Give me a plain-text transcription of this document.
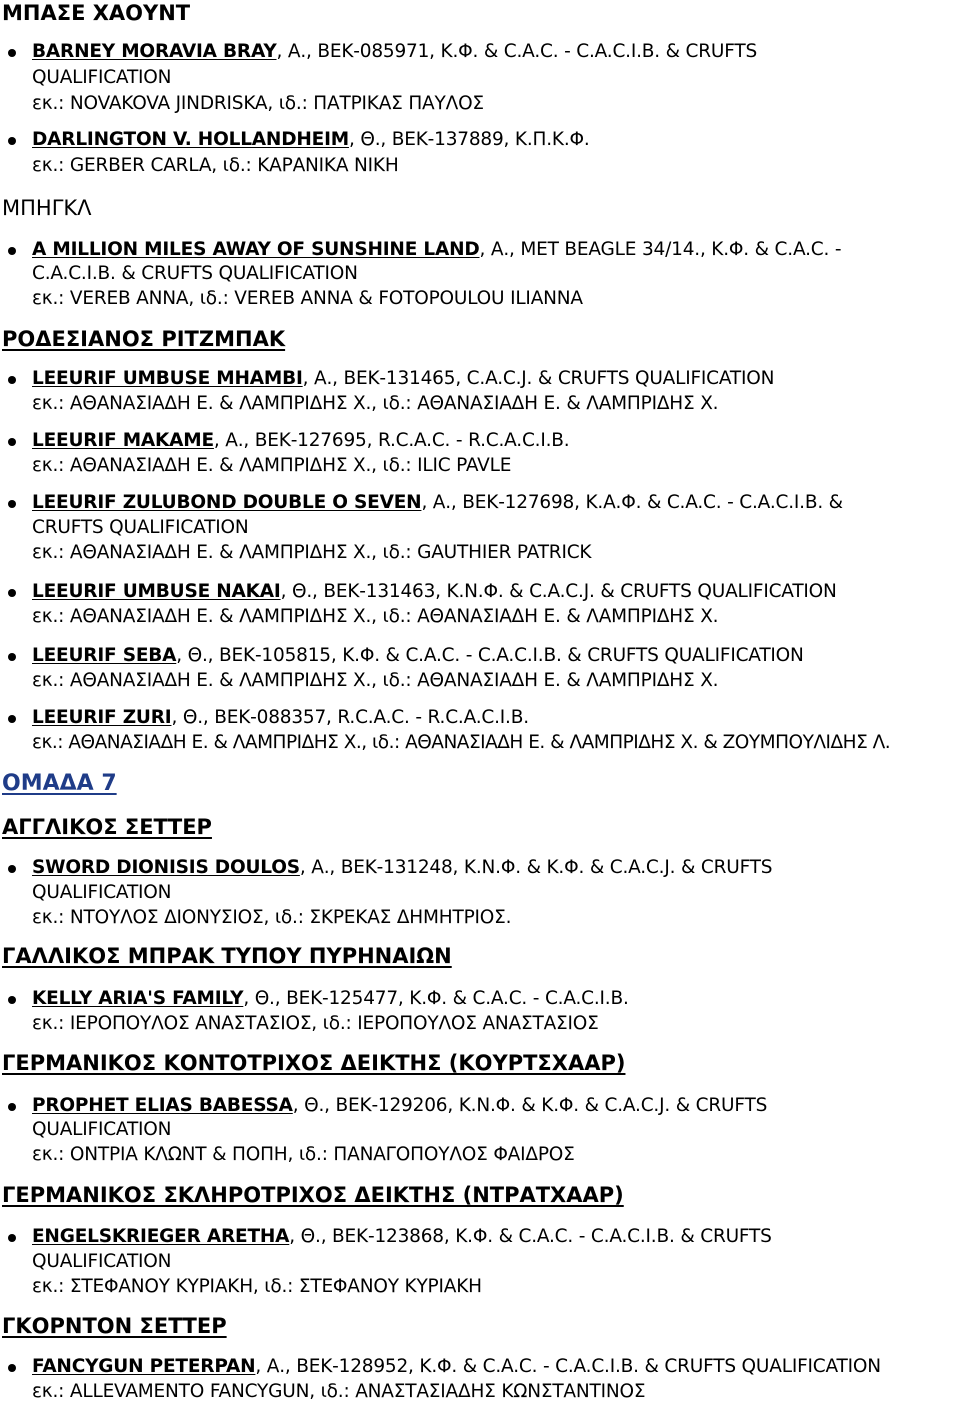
ΜΠΑΣΕ ΧΑΟΥΝΤ
BARNEY MORAVIA BRAY, Α., ΒΕΚ-085971, Κ.Φ. & C.A.C. - C.A.C.I.B. & CRUFTS
QUALIFICATION
εκ.: NOVAKOVA JINDRISKA, ιδ.: ΠΑΤΡΙΚΑΣ ΠΑΥΛΟΣ
DARLINGTON V. HOLLANDHEIM, Θ., ΒΕΚ-137889, Κ.Π.Κ.Φ.
εκ.: GERBER CARLA, ιδ.: ΚΑΡΑΝΙΚΑ ΝΙΚΗ
ΜΠΗΓΚΛ
A MILLION MILES AWAY OF SUNSHINE LAND, Α., MET BEAGLE 34/14., Κ.Φ. & C.A.C. -
C.A.C.I.B. & CRUFTS QUALIFICATION
εκ.: VEREB ANNA, ιδ.: VEREB ANNA & FOTOPOULOU ILIANNA
ΡΟΔΕΣΙΑΝΟΣ ΡΙΤΖΜΠΑΚ
LEEURIF UMBUSE MHAMBI, Α., ΒΕΚ-131465, C.A.C.J. & CRUFTS QUALIFICATION
εκ.: ΑΘΑΝΑΣΙΑΔΗ Ε. & ΛΑΜΠΡΙΔΗΣ Χ., ιδ.: ΑΘΑΝΑΣΙΑΔΗ Ε. & ΛΑΜΠΡΙΔΗΣ Χ.
LEEURIF MAKAME, Α., ΒΕΚ-127695, R.C.A.C. - R.C.A.C.I.B.
εκ.: ΑΘΑΝΑΣΙΑΔΗ Ε. & ΛΑΜΠΡΙΔΗΣ Χ., ιδ.: ILIC PAVLE
LEEURIF ZULUBOND DOUBLE O SEVEN, Α., ΒΕΚ-127698, Κ.Α.Φ. & C.A.C. - C.A.C.I.B. &
CRUFTS QUALIFICATION
εκ.: ΑΘΑΝΑΣΙΑΔΗ Ε. & ΛΑΜΠΡΙΔΗΣ Χ., ιδ.: GAUTHIER PATRICK
LEEURIF UMBUSE NAKAI, Θ., ΒΕΚ-131463, Κ.Ν.Φ. & C.A.C.J. & CRUFTS QUALIFICATION
εκ.: ΑΘΑΝΑΣΙΑΔΗ Ε. & ΛΑΜΠΡΙΔΗΣ Χ., ιδ.: ΑΘΑΝΑΣΙΑΔΗ Ε. & ΛΑΜΠΡΙΔΗΣ Χ.
LEEURIF SEBA, Θ., ΒΕΚ-105815, Κ.Φ. & C.A.C. - C.A.C.I.B. & CRUFTS QUALIFICATION
εκ.: ΑΘΑΝΑΣΙΑΔΗ Ε. & ΛΑΜΠΡΙΔΗΣ Χ., ιδ.: ΑΘΑΝΑΣΙΑΔΗ Ε. & ΛΑΜΠΡΙΔΗΣ Χ.
LEEURIF ZURI, Θ., ΒΕΚ-088357, R.C.A.C. - R.C.A.C.I.B.
εκ.: ΑΘΑΝΑΣΙΑΔΗ Ε. & ΛΑΜΠΡΙΔΗΣ Χ., ιδ.: ΑΘΑΝΑΣΙΑΔΗ Ε. & ΛΑΜΠΡΙΔΗΣ Χ. & ΖΟΥΜΠΟΥΛΙΔΗΣ Λ.
ΟΜΑΔΑ 7
ΑΓΓΛΙΚΟΣ ΣΕΤΤΕΡ
SWORD DIONISIS DOULOS, Α., ΒΕΚ-131248, Κ.Ν.Φ. & Κ.Φ. & C.A.C.J. & CRUFTS
QUALIFICATION
εκ.: ΝΤΟΥΛΟΣ ΔΙΟΝΥΣΙΟΣ, ιδ.: ΣΚΡΕΚΑΣ ΔΗΜΗΤΡΙΟΣ.
ΓΑΛΛΙΚΟΣ ΜΠΡΑΚ ΤΥΠΟΥ ΠΥΡΗΝΑΙΩΝ
KELLY ARIA'S FAMILY, Θ., ΒΕΚ-125477, Κ.Φ. & C.A.C. - C.A.C.I.B.
εκ.: ΙΕΡΟΠΟΥΛΟΣ ΑΝΑΣΤΑΣΙΟΣ, ιδ.: ΙΕΡΟΠΟΥΛΟΣ ΑΝΑΣΤΑΣΙΟΣ
ΓΕΡΜΑΝΙΚΟΣ ΚΟΝΤΟΤΡΙΧΟΣ ΔΕΙΚΤΗΣ (ΚΟΥΡΤΣΧΑΑΡ)
PROPHET ELIAS BABESSA, Θ., ΒΕΚ-129206, Κ.Ν.Φ. & Κ.Φ. & C.A.C.J. & CRUFTS
QUALIFICATION
εκ.: ΟΝΤΡΙΑ ΚΛΩΝΤ & ΠΟΠΗ, ιδ.: ΠΑΝΑΓΟΠΟΥΛΟΣ ΦΑΙΔΡΟΣ
ΓΕΡΜΑΝΙΚΟΣ ΣΚΛΗΡΟΤΡΙΧΟΣ ΔΕΙΚΤΗΣ (ΝΤΡΑΤΧΑΑΡ)
ENGELSKRIEGER ARETHA, Θ., ΒΕΚ-123868, Κ.Φ. & C.A.C. - C.A.C.I.B. & CRUFTS
QUALIFICATION
εκ.: ΣΤΕΦΑΝΟΥ ΚΥΡΙΑΚΗ, ιδ.: ΣΤΕΦΑΝΟΥ ΚΥΡΙΑΚΗ
ΓΚΟΡΝΤΟΝ ΣΕΤΤΕΡ
FANCYGUN PETERPAN, Α., ΒΕΚ-128952, Κ.Φ. & C.A.C. - C.A.C.I.B. & CRUFTS QUALIFICATION
εκ.: ALLEVAMENTO FANCYGUN, ιδ.: ΑΝΑΣΤΑΣΙΑΔΗΣ ΚΩΝΣΤΑΝΤΙΝΟΣ
